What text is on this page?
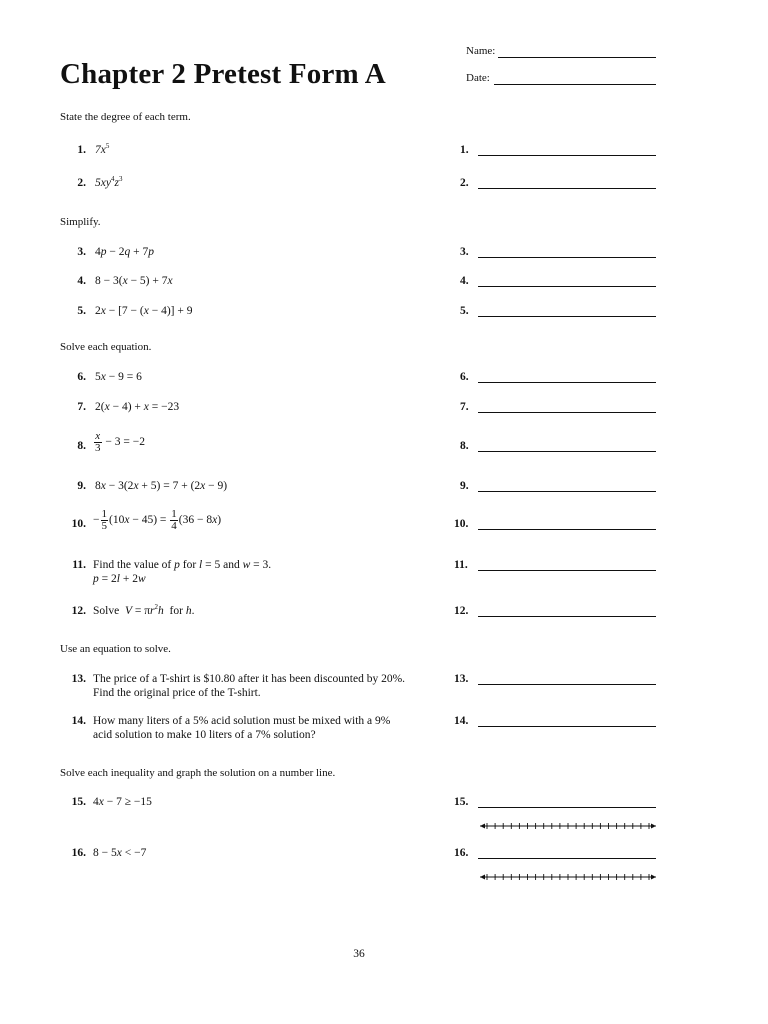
Chapter 2 Pretest Form A
Name:
Date:
State the degree of each term.
1. $7x^5$	1.
2. $5xy^4z^3$	2.
Simplify.
3. 4p − 2q + 7p	3.
4. 8 − 3(x − 5) + 7x	4.
5. 2x − [7 − (x − 4)] + 9	5.
Solve each equation.
6. 5x − 9 = 6	6.
7. 2(x − 4) + x = −23	7.
8. $\frac{x}{3} - 3 = -2$	8.
9. 8x − 3(2x + 5) = 7 + (2x − 9)	9.
10. − $\frac{1}{5} (10x - 45) = \frac{1}{4} (36 - 8x)$	10.
11. Find the value of p for l = 5 and w = 3.
p = 2l + 2w
11.
12. Solve  $V = \pi r^2h$  for h.	12.
Use an equation to solve.
13. The price of a T-shirt is $10.80 after it has been discounted by 20%.
Find the original price of the T-shirt.
13.
14. How many liters of a 5% acid solution must be mixed with a 9%
acid solution to make 10 liters of a 7% solution?
14.
Solve each inequality and graph the solution on a number line.
15. 4x − 7 ≥ −15	15.
16. 8 − 5x < −7	16.
36
